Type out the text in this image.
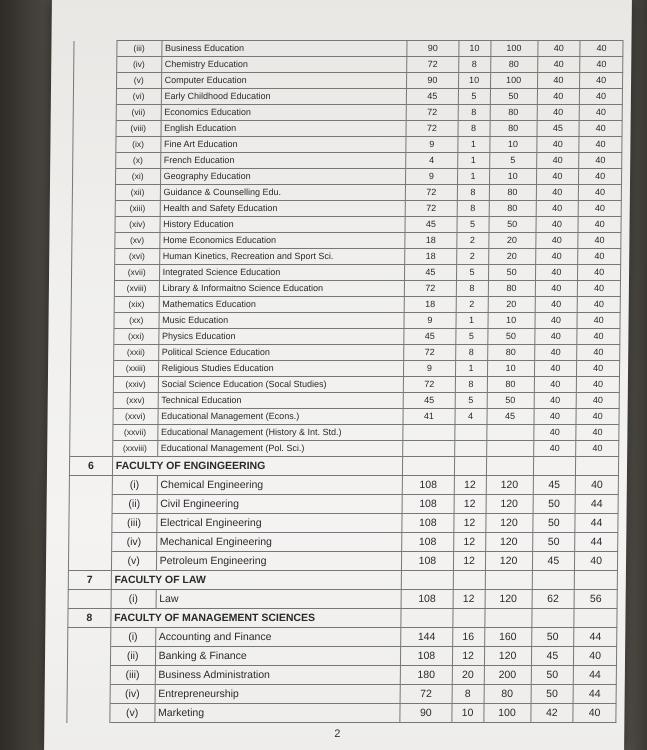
	(iii)	Business Education	90	10	100	40	40
	(iv)	Chemistry Education	72	8	80	40	40
	(v)	Computer Education	90	10	100	40	40
	(vi)	Early Childhood Education	45	5	50	40	40
	(vii)	Economics Education	72	8	80	40	40
	(viii)	English Education	72	8	80	45	40
	(ix)	Fine Art Education	9	1	10	40	40
	(x)	French Education	4	1	5	40	40
	(xi)	Geography Education	9	1	10	40	40
	(xii)	Guidance & Counselling Edu.	72	8	80	40	40
	(xiii)	Health and Safety Education	72	8	80	40	40
	(xiv)	History Education	45	5	50	40	40
	(xv)	Home Economics Education	18	2	20	40	40
	(xvi)	Human Kinetics, Recreation and Sport Sci.	18	2	20	40	40
	(xvii)	Integrated Science Education	45	5	50	40	40
	(xviii)	Library & Informaitno Science Education	72	8	80	40	40
	(xix)	Mathematics Education	18	2	20	40	40
	(xx)	Music Education	9	1	10	40	40
	(xxi)	Physics Education	45	5	50	40	40
	(xxii)	Political Science Education	72	8	80	40	40
	(xxiii)	Religious Studies Education	9	1	10	40	40
	(xxiv)	Social Science Education (Socal Studies)	72	8	80	40	40
	(xxv)	Technical Education	45	5	50	40	40
	(xxvi)	Educational Management (Econs.)	41	4	45	40	40
	(xxvii)	Educational Management (History & Int. Std.)				40	40
	(xxviii)	Educational Management (Pol. Sci.)				40	40
6	FACULTY OF ENGINGEERING						
	(i)	Chemical Engineering	108	12	120	45	40
	(ii)	Civil Engineering	108	12	120	50	44
	(iii)	Electrical Engineering	108	12	120	50	44
	(iv)	Mechanical Engineering	108	12	120	50	44
	(v)	Petroleum Engineering	108	12	120	45	40
7	FACULTY OF LAW						
	(i)	Law	108	12	120	62	56
8	FACULTY OF MANAGEMENT SCIENCES						
	(i)	Accounting and Finance	144	16	160	50	44
	(ii)	Banking & Finance	108	12	120	45	40
	(iii)	Business Administration	180	20	200	50	44
	(iv)	Entrepreneurship	72	8	80	50	44
	(v)	Marketing	90	10	100	42	40
2
